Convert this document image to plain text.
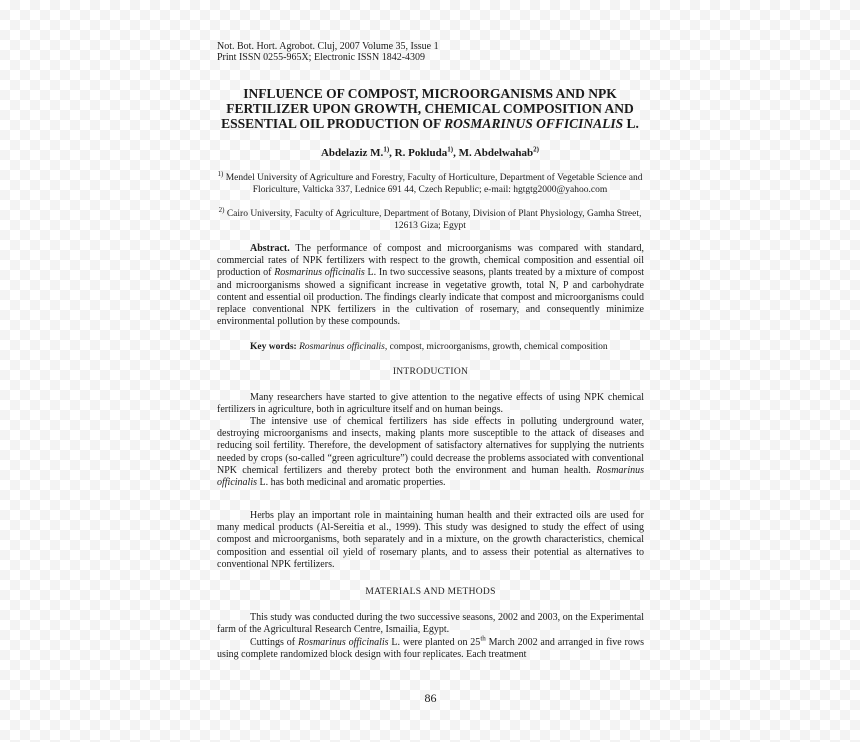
Not. Bot. Hort. Agrobot. Cluj, 2007 Volume 35, Issue 1
Print ISSN 0255-965X; Electronic ISSN 1842-4309
INFLUENCE OF COMPOST, MICROORGANISMS AND NPK
FERTILIZER UPON GROWTH, CHEMICAL COMPOSITION AND
ESSENTIAL OIL PRODUCTION OF ROSMARINUS OFFICINALIS L.
Abdelaziz M.$^{1)}$, R. Pokluda$^{1)}$, M. Abdelwahab$^{2)}$
$^{1)}$ Mendel University of Agriculture and Forestry, Faculty of Horticulture, Department of Vegetable Science and Floriculture, Valticka 337, Lednice 691 44, Czech Republic; e-mail: hgtgtg2000@yahoo.com
$^{2)}$ Cairo University, Faculty of Agriculture, Department of Botany, Division of Plant Physiology, Gamha Street, 12613 Giza; Egypt
Abstract. The performance of compost and microorganisms was compared with standard, commercial rates of NPK fertilizers with respect to the growth, chemical composition and essential oil production of Rosmarinus officinalis L. In two successive seasons, plants treated by a mixture of compost and microorganisms showed a significant increase in vegetative growth, total N, P and carbohydrate content and essential oil production. The findings clearly indicate that compost and microorganisms could replace conventional NPK fertilizers in the cultivation of rosemary, and consequently minimize environmental pollution by these compounds.
Key words: Rosmarinus officinalis, compost, microorganisms, growth, chemical composition
INTRODUCTION
Many researchers have started to give attention to the negative effects of using NPK chemical fertilizers in agriculture, both in agriculture itself and on human beings.
The intensive use of chemical fertilizers has side effects in polluting underground water, destroying microorganisms and insects, making plants more susceptible to the attack of diseases and reducing soil fertility. Therefore, the development of satisfactory alternatives for supplying the nutrients needed by crops (so-called “green agriculture”) could decrease the problems associated with conventional NPK chemical fertilizers and thereby protect both the environment and human health. Rosmarinus officinalis L. has both medicinal and aromatic properties.
Herbs play an important role in maintaining human health and their extracted oils are used for many medical products (Al-Sereitia et al., 1999). This study was designed to study the effect of using compost and microorganisms, both separately and in a mixture, on the growth characteristics, chemical composition and essential oil yield of rosemary plants, and to assess their potential as alternatives to conventional NPK fertilizers.
MATERIALS AND METHODS
This study was conducted during the two successive seasons, 2002 and 2003, on the Experimental farm of the Agricultural Research Centre, Ismailia, Egypt.
Cuttings of Rosmarinus officinalis L. were planted on 25th March 2002 and arranged in five rows using complete randomized block design with four replicates. Each treatment
86
